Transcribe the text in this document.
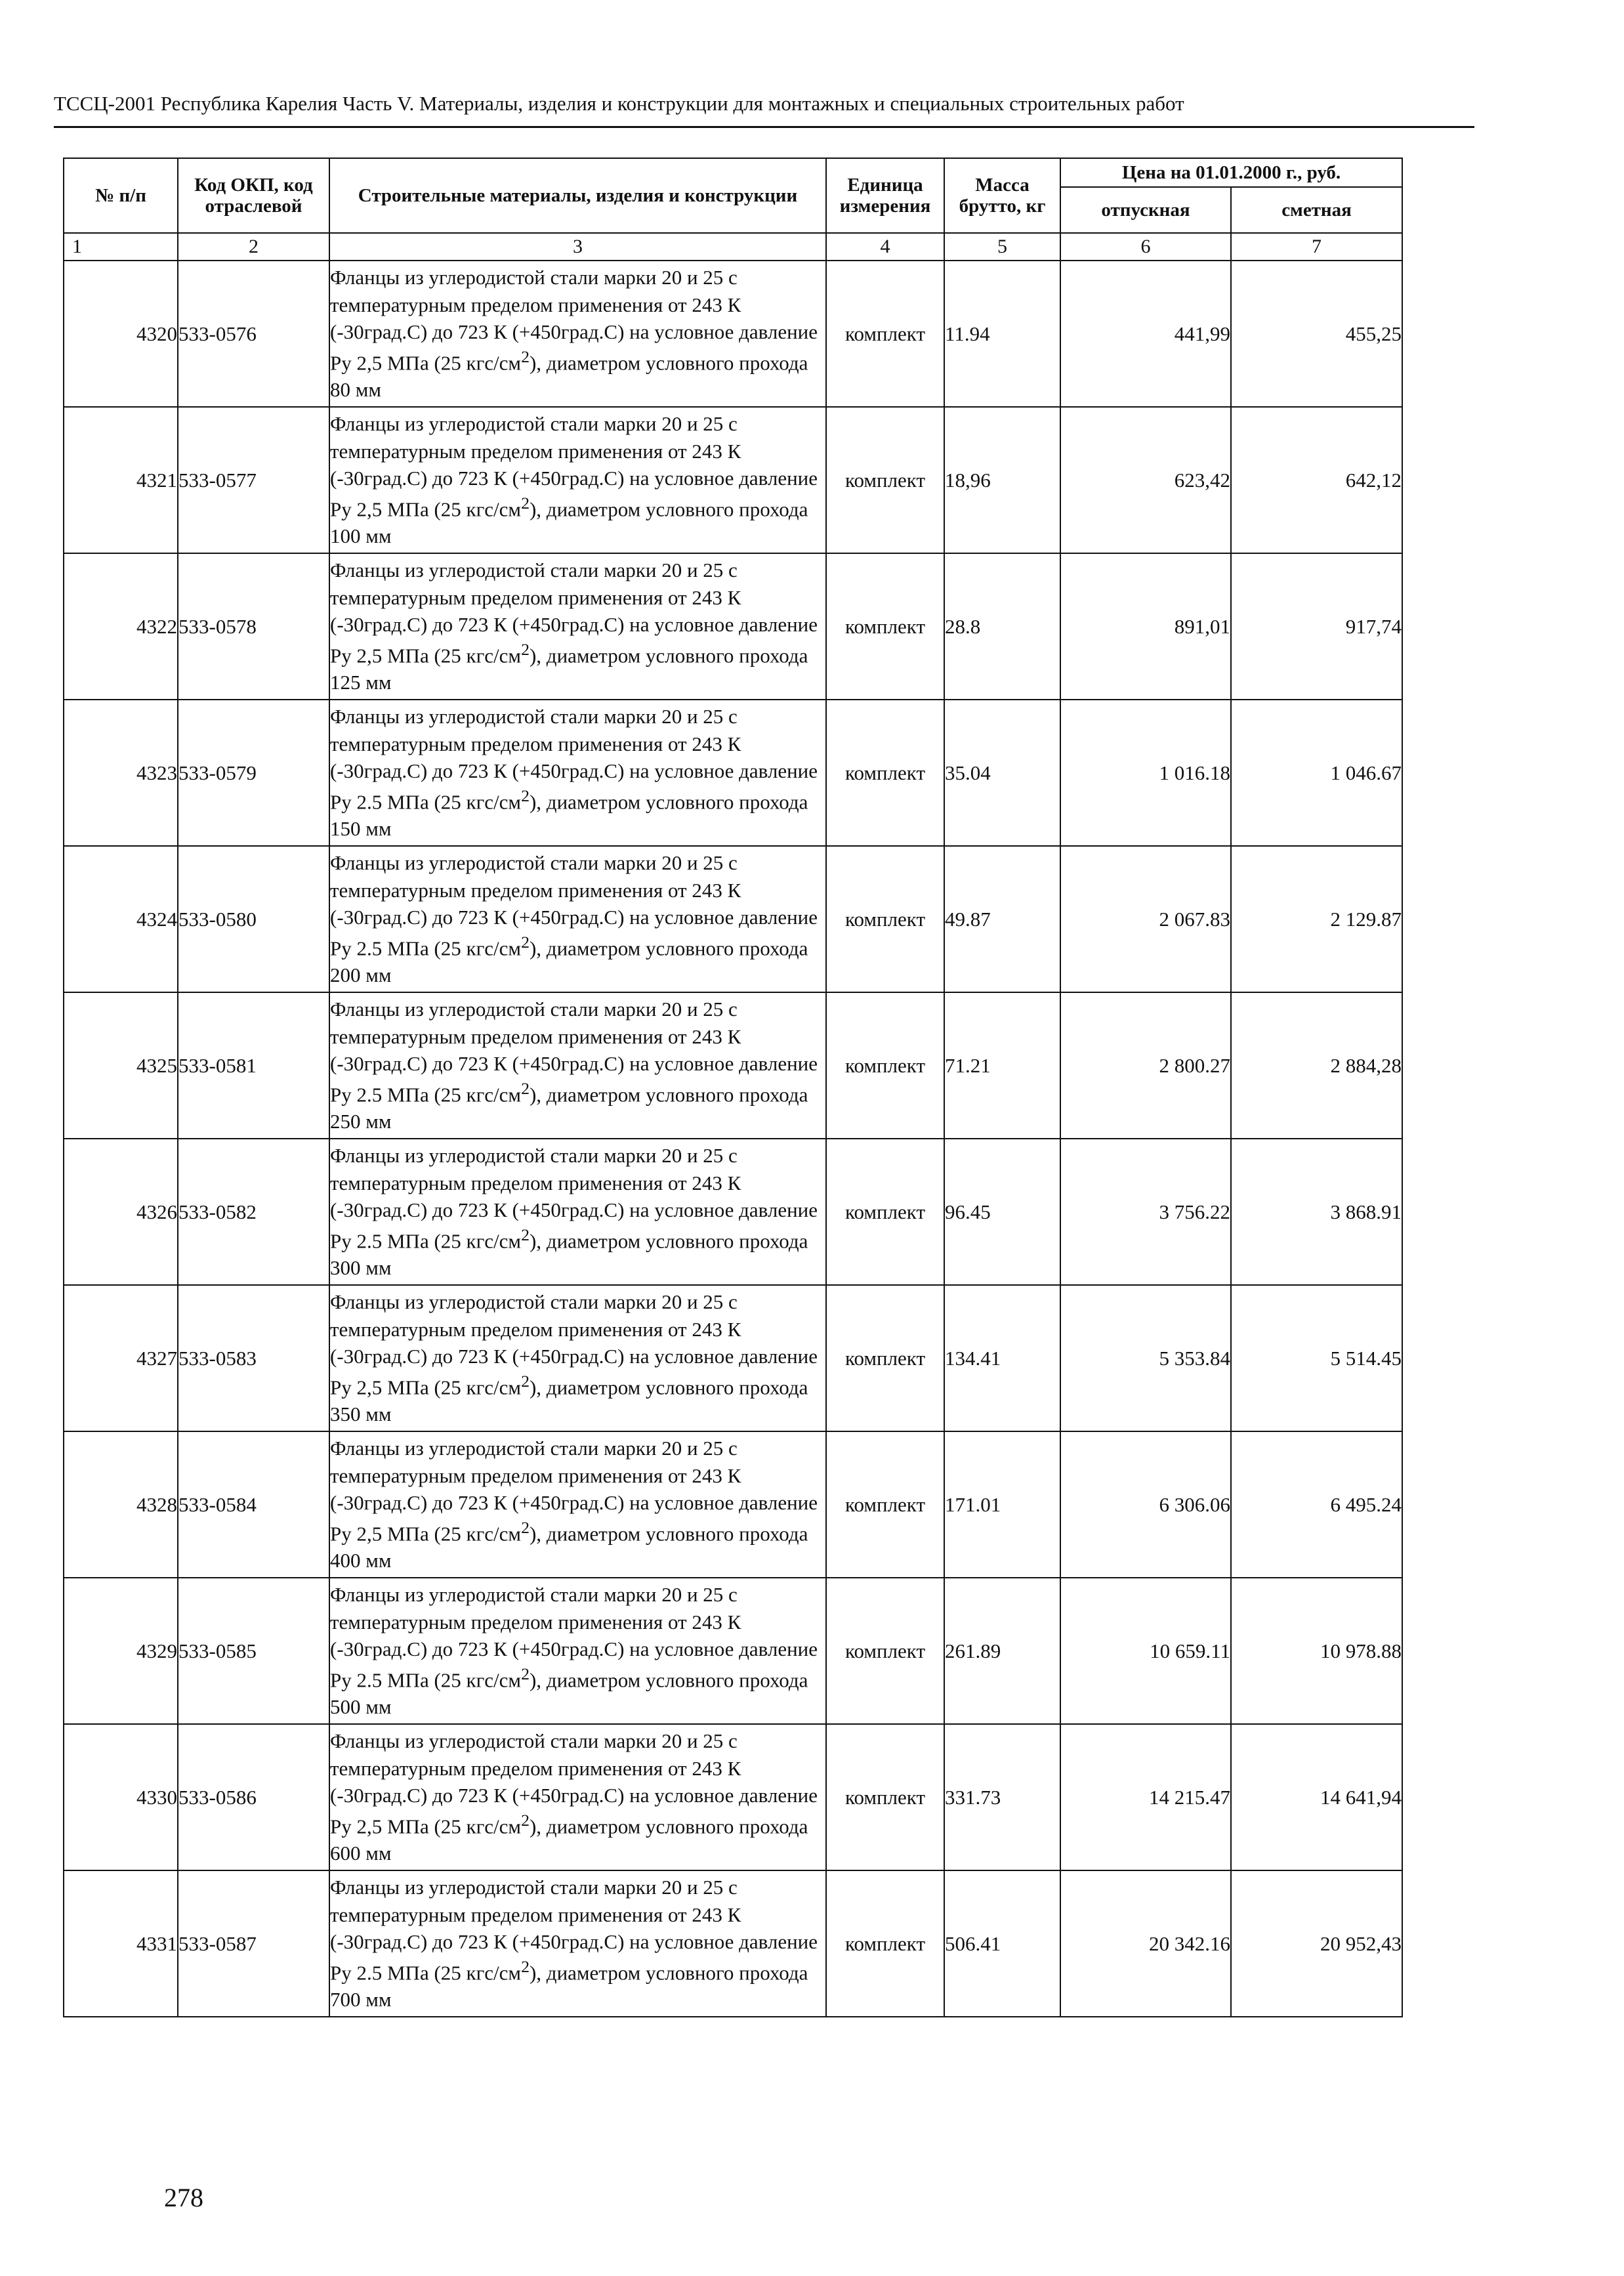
ТССЦ-2001 Республика Карелия Часть V. Материалы, изделия и конструкции для монтажных и специальных строительных работ
№ п/п	Код ОКП, код отраслевой	Строительные материалы, изделия и конструкции	Единица измерения	Масса брутто, кг	Цена на 01.01.2000 г., руб.	
					отпускная	сметная
1	2	3	4	5	6	7
4320	533-0576	Фланцы из углеродистой стали марки 20 и 25 с температурным пределом применения от 243 К (-30град.С) до 723 К (+450град.С) на условное давление Ру 2,5 МПа (25 кгс/$см^2$), диаметром условного прохода 80 мм	комплект	11.94	441,99	455,25
4321	533-0577	Фланцы из углеродистой стали марки 20 и 25 с температурным пределом применения от 243 К (-30град.С) до 723 К (+450град.С) на условное давление Ру 2,5 МПа (25 кгс/$см^2$), диаметром условного прохода 100 мм	комплект	18,96	623,42	642,12
4322	533-0578	Фланцы из углеродистой стали марки 20 и 25 с температурным пределом применения от 243 К (-30град.С) до 723 К (+450град.С) на условное давление Ру 2,5 МПа (25 кгс/$см^2$), диаметром условного прохода 125 мм	комплект	28.8	891,01	917,74
4323	533-0579	Фланцы из углеродистой стали марки 20 и 25 с температурным пределом применения от 243 К (-30град.С) до 723 К (+450град.С) на условное давление Ру 2.5 МПа (25 кгс/$см^2$), диаметром условного прохода 150 мм	комплект	35.04	1 016.18	1 046.67
4324	533-0580	Фланцы из углеродистой стали марки 20 и 25 с температурным пределом применения от 243 К (-30град.С) до 723 К (+450град.С) на условное давление Ру 2.5 МПа (25 кгс/$см^2$), диаметром условного прохода 200 мм	комплект	49.87	2 067.83	2 129.87
4325	533-0581	Фланцы из углеродистой стали марки 20 и 25 с температурным пределом применения от 243 К (-30град.С) до 723 К (+450град.С) на условное давление Ру 2.5 МПа (25 кгс/$см^2$), диаметром условного прохода 250 мм	комплект	71.21	2 800.27	2 884,28
4326	533-0582	Фланцы из углеродистой стали марки 20 и 25 с температурным пределом применения от 243 К (-30град.С) до 723 К (+450град.С) на условное давление Ру 2.5 МПа (25 кгс/$см^2$), диаметром условного прохода 300 мм	комплект	96.45	3 756.22	3 868.91
4327	533-0583	Фланцы из углеродистой стали марки 20 и 25 с температурным пределом применения от 243 К (-30град.С) до 723 К (+450град.С) на условное давление Ру 2,5 МПа (25 кгс/$см^2$), диаметром условного прохода 350 мм	комплект	134.41	5 353.84	5 514.45
4328	533-0584	Фланцы из углеродистой стали марки 20 и 25 с температурным пределом применения от 243 К (-30град.С) до 723 К (+450град.С) на условное давление Ру 2,5 МПа (25 кгс/$см^2$), диаметром условного прохода 400 мм	комплект	171.01	6 306.06	6 495.24
4329	533-0585	Фланцы из углеродистой стали марки 20 и 25 с температурным пределом применения от 243 К (-30град.С) до 723 К (+450град.С) на условное давление Ру 2.5 МПа (25 кгс/$см^2$), диаметром условного прохода 500 мм	комплект	261.89	10 659.11	10 978.88
4330	533-0586	Фланцы из углеродистой стали марки 20 и 25 с температурным пределом применения от 243 К (-30град.С) до 723 К (+450град.С) на условное давление Ру 2,5 МПа (25 кгс/$см^2$), диаметром условного прохода 600 мм	комплект	331.73	14 215.47	14 641,94
4331	533-0587	Фланцы из углеродистой стали марки 20 и 25 с температурным пределом применения от 243 К (-30град.С) до 723 К (+450град.С) на условное давление Ру 2.5 МПа (25 кгс/$см^2$), диаметром условного прохода 700 мм	комплект	506.41	20 342.16	20 952,43
278
